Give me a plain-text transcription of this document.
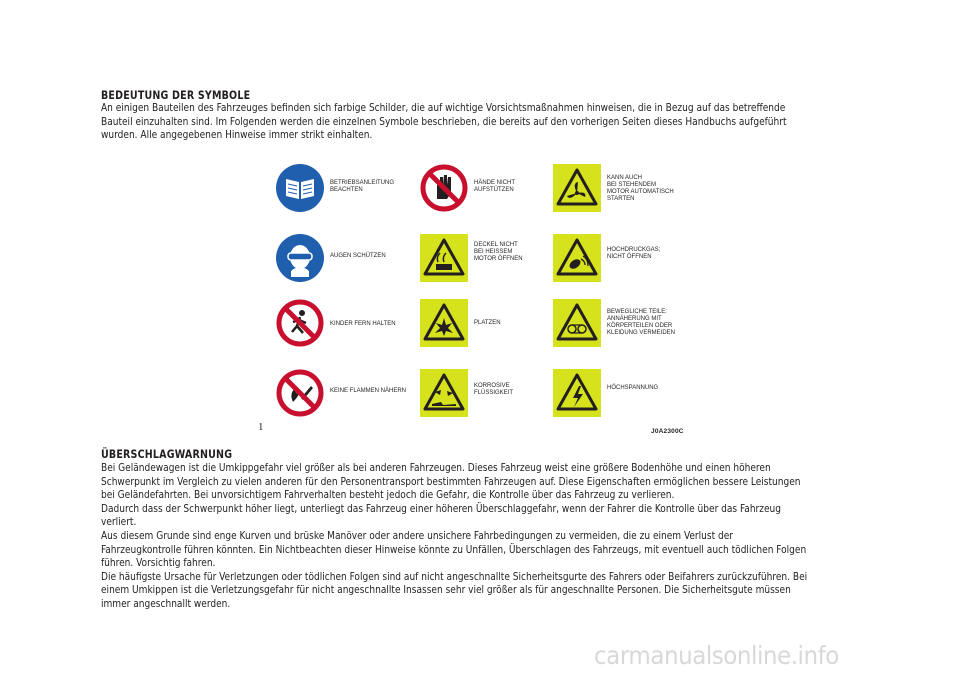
BEDEUTUNG DER SYMBOLE

An einigen Bauteilen des Fahrzeuges befinden sich farbige Schilder, die auf wichtige Vorsichtsmaßnahmen hinweisen, die in Bezug auf das betreffende Bauteil einzuhalten sind. Im Folgenden werden die einzelnen Symbole beschrieben, die bereits auf den vorherigen Seiten dieses Handbuchs aufgeführt wurden. Alle angegebenen Hinweise immer strikt einhalten.

BETRIEBSANLEITUNG
BEACHTEN
AUGEN SCHÜTZEN
KINDER FERN HALTEN
KEINE FLAMMEN NÄHERN
HÄNDE NICHT
AUFSTÜTZEN
DECKEL NICHT
BEI HEISSEM
MOTOR ÖFFNEN
PLATZEN
KORROSIVE
FLÜSSIGKEIT
KANN AUCH
BEI STEHENDEM
MOTOR AUTOMATISCH
STARTEN
HOCHDRUCKGAS;
NICHT ÖFFNEN
BEWEGLICHE TEILE:
ANNÄHERUNG MIT
KÖRPERTEILEN ODER
KLEIDUNG VERMEIDEN
HÖCHSPANNUNG
1	J0A2300C
ÜBERSCHLAGWARNUNG

Bei Geländewagen ist die Umkippgefahr viel größer als bei anderen Fahrzeugen. Dieses Fahrzeug weist eine größere Bodenhöhe und einen höheren Schwerpunkt im Vergleich zu vielen anderen für den Personentransport bestimmten Fahrzeugen auf. Diese Eigenschaften ermöglichen bessere Leistungen bei Geländefahrten. Bei unvorsichtigem Fahrverhalten besteht jedoch die Gefahr, die Kontrolle über das Fahrzeug zu verlieren.

Dadurch dass der Schwerpunkt höher liegt, unterliegt das Fahrzeug einer höheren Überschlaggefahr, wenn der Fahrer die Kontrolle über das Fahrzeug verliert.

Aus diesem Grunde sind enge Kurven und brüske Manöver oder andere unsichere Fahrbedingungen zu vermeiden, die zu einem Verlust der Fahrzeugkontrolle führen könnten. Ein Nichtbeachten dieser Hinweise könnte zu Unfällen, Überschlagen des Fahrzeugs, mit eventuell auch tödlichen Folgen führen. Vorsichtig fahren.

Die häufigste Ursache für Verletzungen oder tödlichen Folgen sind auf nicht angeschnallte Sicherheitsgurte des Fahrers oder Beifahrers zurückzuführen. Bei einem Umkippen ist die Verletzungsgefahr für nicht angeschnallte Insassen sehr viel größer als für angeschnallte Personen. Die Sicherheitsgute müssen immer angeschnallt werden.

carmanualsonline.info
